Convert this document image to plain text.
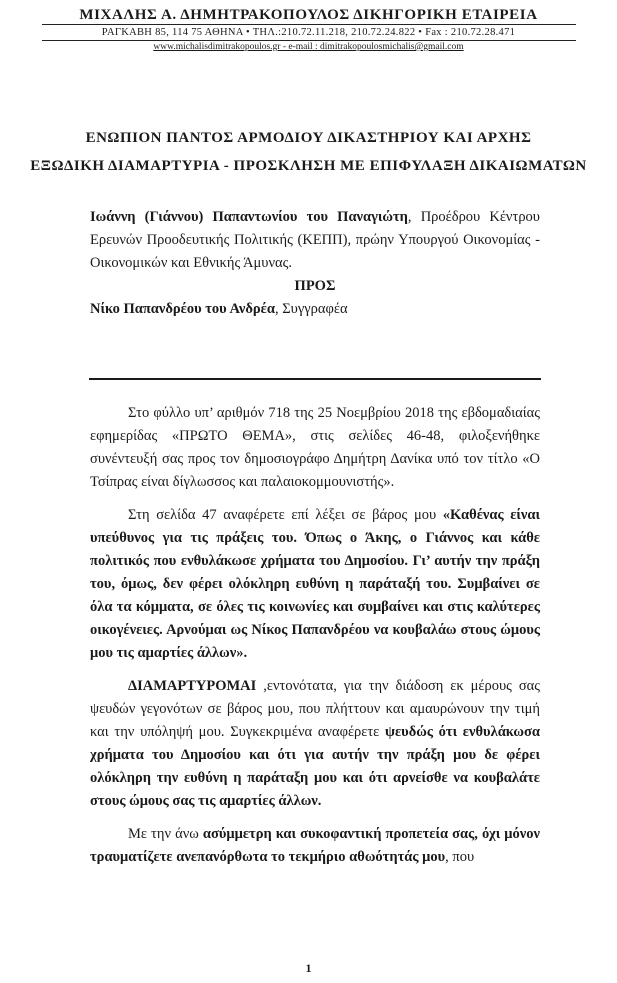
ΜΙΧΑΛΗΣ Α. ΔΗΜΗΤΡΑΚΟΠΟΥΛΟΣ ΔΙΚΗΓΟΡΙΚΗ ΕΤΑΙΡΕΙΑ
ΡΑΓΚΑΒΗ 85, 114 75 ΑΘΗΝΑ • ΤΗΛ.:210.72.11.218, 210.72.24.822 • Fax : 210.72.28.471
www.michalisdimitrakopoulos.gr - e-mail : dimitrakopoulosmichalis@gmail.com
ΕΝΩΠΙΟΝ ΠΑΝΤΟΣ ΑΡΜΟΔΙΟΥ ΔΙΚΑΣΤΗΡΙΟΥ ΚΑΙ ΑΡΧΗΣ
ΕΞΩΔΙΚΗ ΔΙΑΜΑΡΤΥΡΙΑ - ΠΡΟΣΚΛΗΣΗ ΜΕ ΕΠΙΦΥΛΑΞΗ ΔΙΚΑΙΩΜΑΤΩΝ

Ιωάννη (Γιάννου) Παπαντωνίου του Παναγιώτη, Προέδρου Κέντρου Ερευνών Προοδευτικής Πολιτικής (ΚΕΠΠ), πρώην Υπουργού Οικονομίας - Οικονομικών και Εθνικής Άμυνας.

ΠΡΟΣ

Νίκο Παπανδρέου του Ανδρέα, Συγγραφέα

Στο φύλλο υπ’ αριθμόν 718 της 25 Νοεμβρίου 2018 της εβδομαδιαίας εφημερίδας «ΠΡΩΤΟ ΘΕΜΑ», στις σελίδες 46-48, φιλοξενήθηκε συνέντευξή σας προς τον δημοσιογράφο Δημήτρη Δανίκα υπό τον τίτλο «Ο Τσίπρας είναι δίγλωσσος και παλαιοκομμουνιστής».

Στη σελίδα 47 αναφέρετε επί λέξει σε βάρος μου «Καθένας είναι υπεύθυνος για τις πράξεις του. Όπως ο Άκης, ο Γιάννος και κάθε πολιτικός που ενθυλάκωσε χρήματα του Δημοσίου. Γι’ αυτήν την πράξη του, όμως, δεν φέρει ολόκληρη ευθύνη η παράταξή του. Συμβαίνει σε όλα τα κόμματα, σε όλες τις κοινωνίες και συμβαίνει και στις καλύτερες οικογένειες. Αρνούμαι ως Νίκος Παπανδρέου να κουβαλάω στους ώμους μου τις αμαρτίες άλλων».

ΔΙΑΜΑΡΤΥΡΟΜΑΙ ,εντονότατα, για την διάδοση εκ μέρους σας ψευδών γεγονότων σε βάρος μου, που πλήττουν και αμαυρώνουν την τιμή και την υπόληψή μου. Συγκεκριμένα αναφέρετε ψευδώς ότι ενθυλάκωσα χρήματα του Δημοσίου και ότι για αυτήν την πράξη μου δε φέρει ολόκληρη την ευθύνη η παράταξη μου και ότι αρνείσθε να κουβαλάτε στους ώμους σας τις αμαρτίες άλλων.

Με την άνω ασύμμετρη και συκοφαντική προπετεία σας, όχι μόνον τραυματίζετε ανεπανόρθωτα το τεκμήριο αθωότητάς μου, που

1
